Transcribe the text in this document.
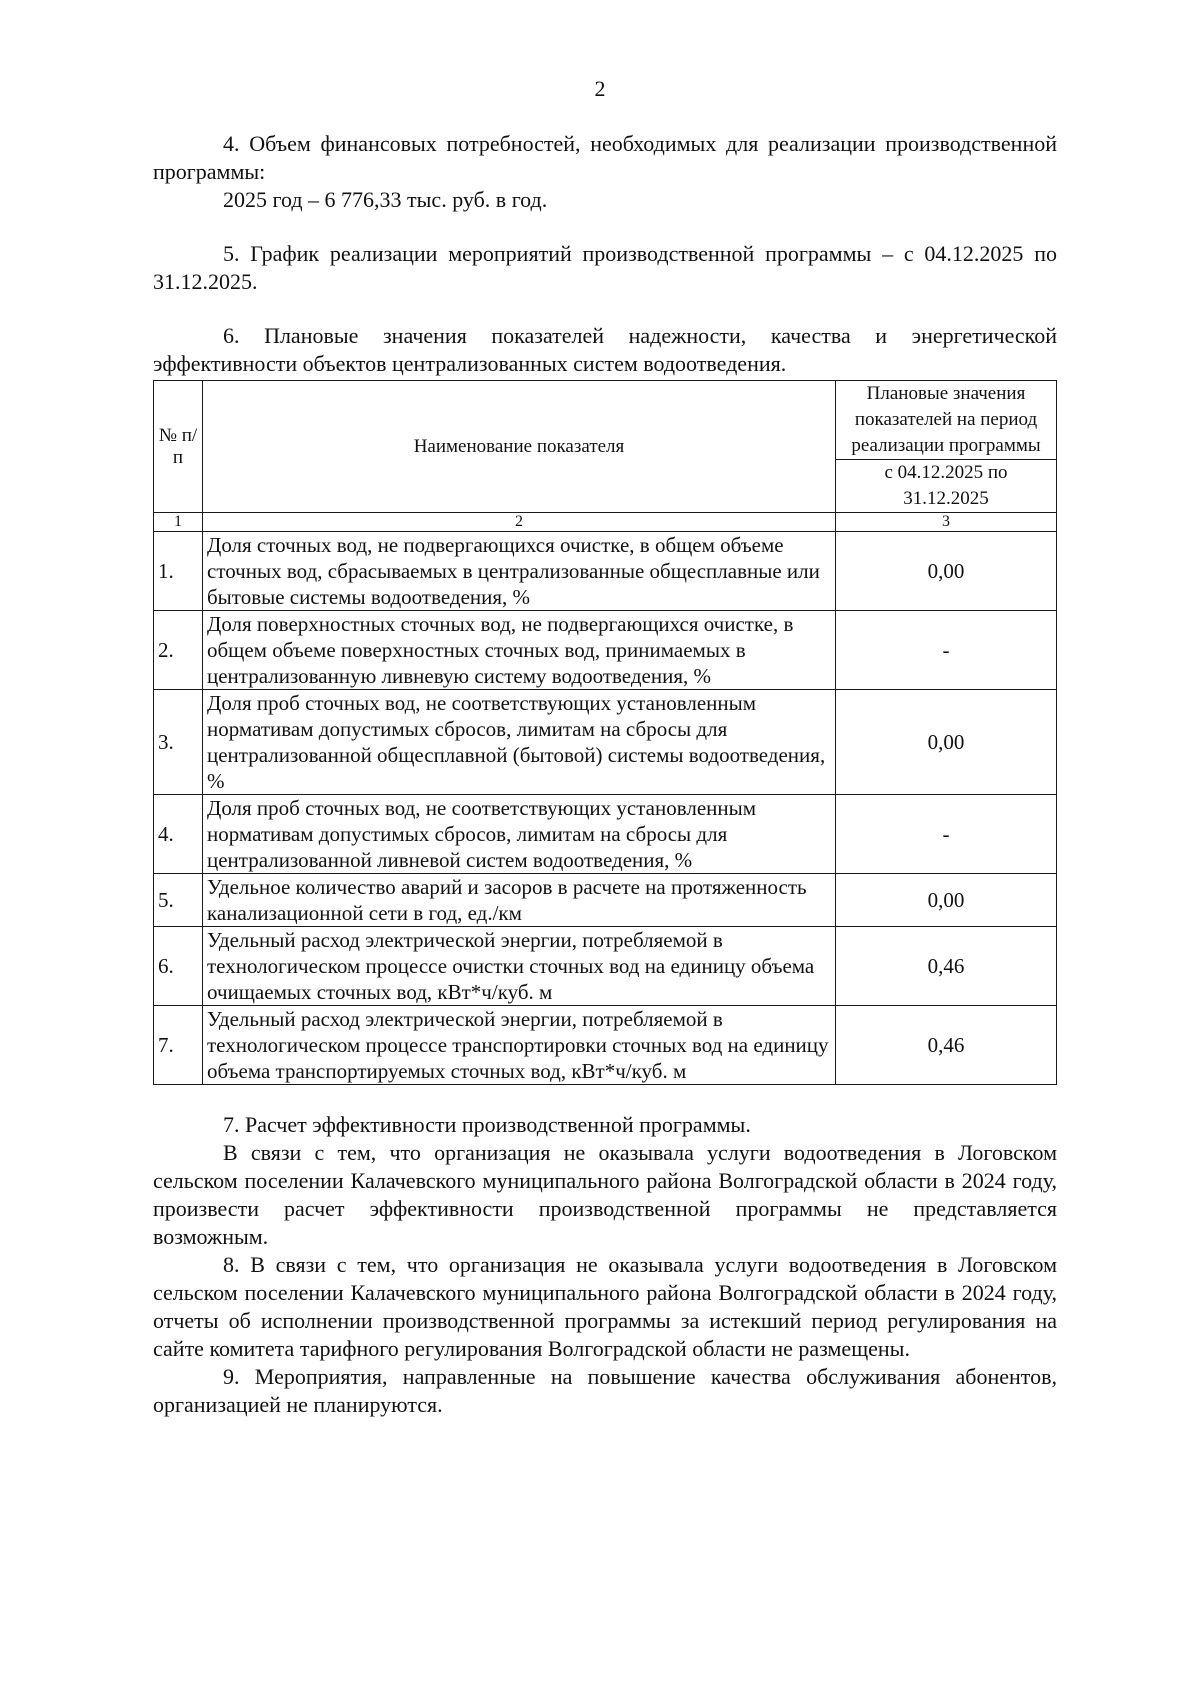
2

4. Объем финансовых потребностей, необходимых для реализации производственной программы:

2025 год – 6 776,33 тыс. руб. в год.

5. График реализации мероприятий производственной программы – с 04.12.2025 по 31.12.2025.

6. Плановые значения показателей надежности, качества и энергетической эффективности объектов централизованных систем водоотведения.

№ п/п	Наименование показателя	Плановые значения показателей на период реализации программы
		с 04.12.2025 по 31.12.2025
1	2	3
1.	Доля сточных вод, не подвергающихся очистке, в общем объеме сточных вод, сбрасываемых в централизованные общесплавные или бытовые системы водоотведения, %	0,00
2.	Доля поверхностных сточных вод, не подвергающихся очистке, в общем объеме поверхностных сточных вод, принимаемых в централизованную ливневую систему водоотведения, %	-
3.	Доля проб сточных вод, не соответствующих установленным нормативам допустимых сбросов, лимитам на сбросы для централизованной общесплавной (бытовой) системы водоотведения, %	0,00
4.	Доля проб сточных вод, не соответствующих установленным нормативам допустимых сбросов, лимитам на сбросы для централизованной ливневой систем водоотведения, %	-
5.	Удельное количество аварий и засоров в расчете на протяженность канализационной сети в год, ед./км	0,00
6.	Удельный расход электрической энергии, потребляемой в технологическом процессе очистки сточных вод на единицу объема очищаемых сточных вод, кВт*ч/куб. м	0,46
7.	Удельный расход электрической энергии, потребляемой в технологическом процессе транспортировки сточных вод на единицу объема транспортируемых сточных вод, кВт*ч/куб. м	0,46

7. Расчет эффективности производственной программы.

В связи с тем, что организация не оказывала услуги водоотведения в Логовском сельском поселении Калачевского муниципального района Волгоградской области в 2024 году, произвести расчет эффективности производственной программы не представляется возможным.

8. В связи с тем, что организация не оказывала услуги водоотведения в Логовском сельском поселении Калачевского муниципального района Волгоградской области в 2024 году, отчеты об исполнении производственной программы за истекший период регулирования на сайте комитета тарифного регулирования Волгоградской области не размещены.

9. Мероприятия, направленные на повышение качества обслуживания абонентов, организацией не планируются.
